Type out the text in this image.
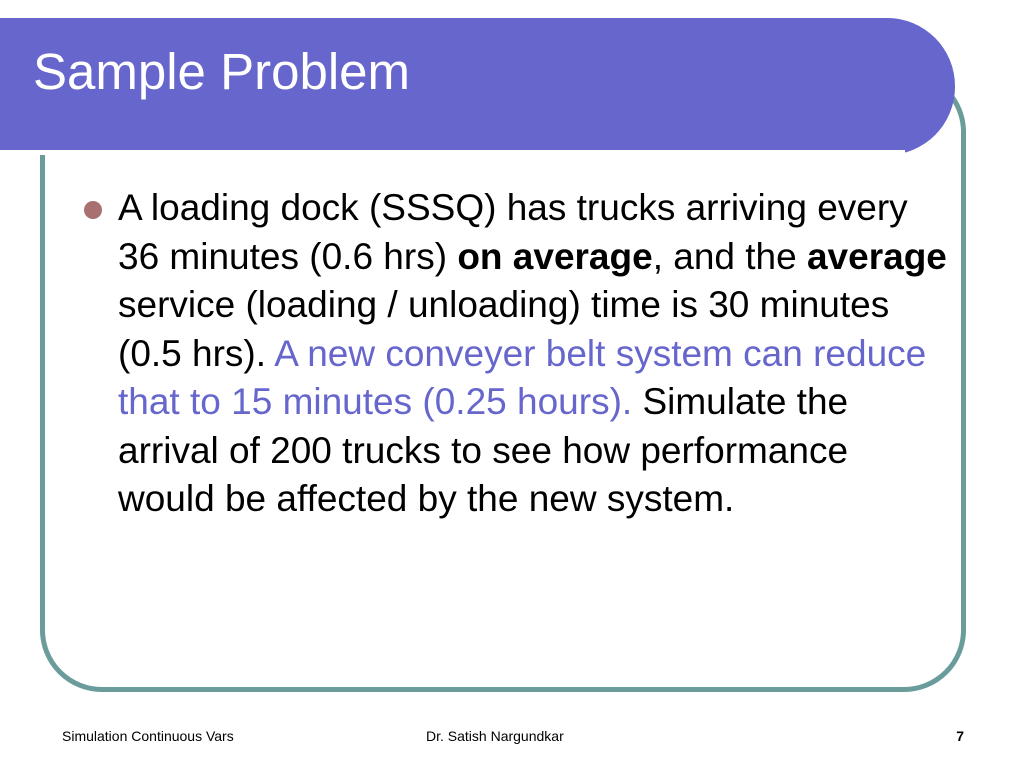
Sample Problem

A loading dock (SSSQ) has trucks arriving every 36 minutes (0.6 hrs) on average, and the average service (loading / unloading) time is 30 minutes (0.5 hrs). A new conveyer belt system can reduce that to 15 minutes (0.25 hours). Simulate the arrival of 200 trucks to see how performance would be affected by the new system.

Simulation Continuous Vars	Dr. Satish Nargundkar	7
